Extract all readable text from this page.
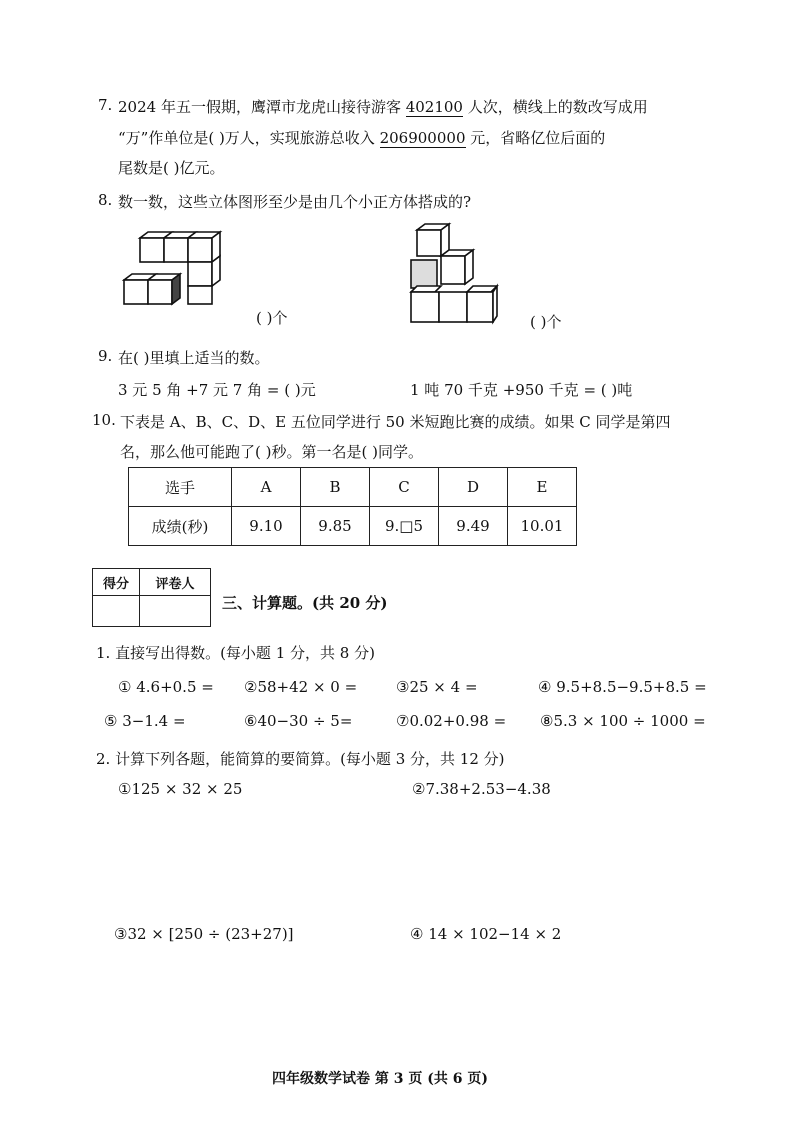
7. 2024 年五一假期，鹰潭市龙虎山接待游客 402100 人次，横线上的数改写成用
“万”作单位是( )万人，实现旅游总收入 206900000 元，省略亿位后面的
尾数是( )亿元。
8. 数一数，这些立体图形至少是由几个小正方体搭成的?
( )个	( )个
9. 在( )里填上适当的数。
3 元 5 角 +7 元 7 角 = ( )元	1 吨 70 千克 +950 千克 = ( )吨
10. 下表是 A、B、C、D、E 五位同学进行 50 米短跑比赛的成绩。如果 C 同学是第四
名，那么他可能跑了( )秒。第一名是( )同学。
选手	A	B	C	D	E
成绩(秒)	9.10	9.85	9.□5	9.49	10.01
得分	评卷人

三、计算题。(共 20 分)
1. 直接写出得数。(每小题 1 分，共 8 分)
① 4.6+0.5 = ②58+42 × 0 =	③25 × 4 =	④ 9.5+8.5−9.5+8.5 =
⑤ 3−1.4 =	⑥40−30 ÷ 5=	⑦0.02+0.98 = ⑧5.3 × 100 ÷ 1000 =
2. 计算下列各题，能简算的要简算。(每小题 3 分，共 12 分)
①125 × 32 × 25	②7.38+2.53−4.38
③32 × [250 ÷ (23+27)]	④ 14 × 102−14 × 2
四年级数学试卷 第 3 页 (共 6 页)
